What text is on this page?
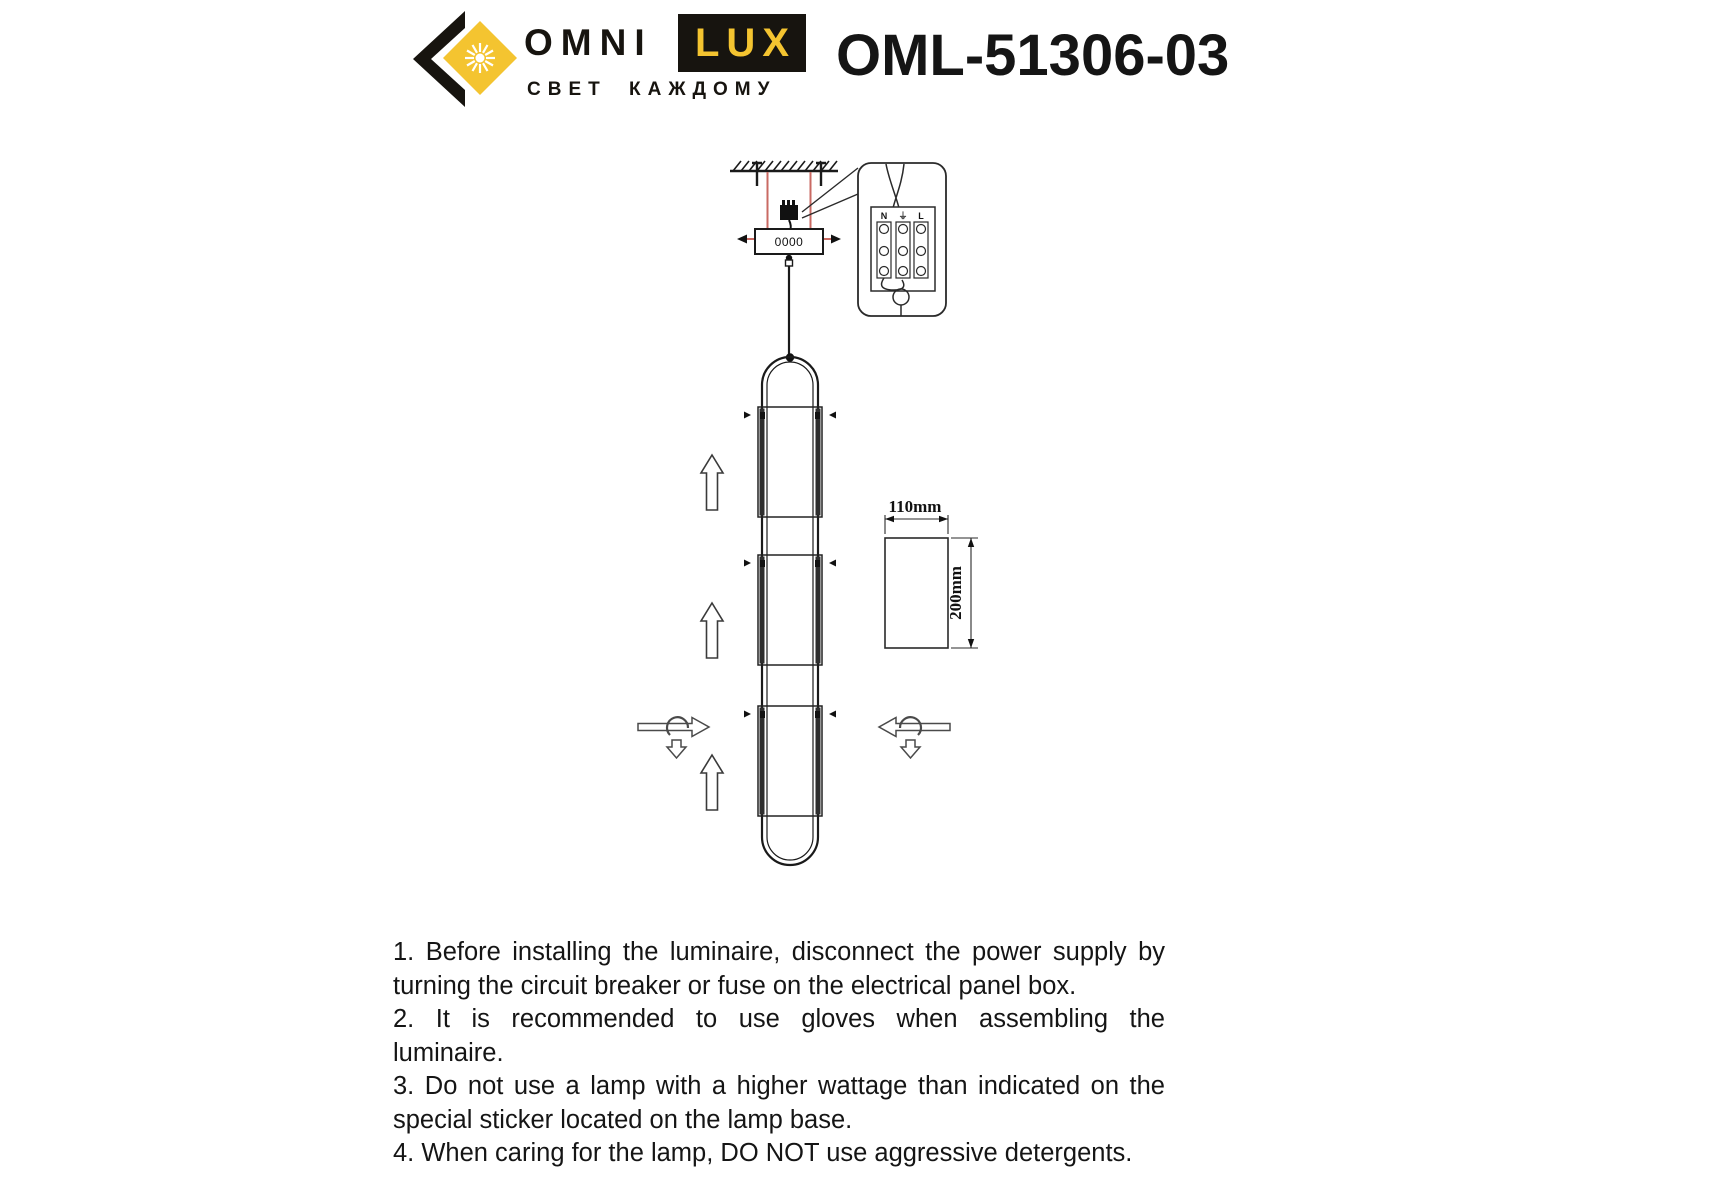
OMNI LUX
СВЕТ КАЖДОМУ
OML-51306-03
0000
N ⏚ L
110mm
200mm
1. Before installing the luminaire, disconnect the power supply by
turning the circuit breaker or fuse on the electrical panel box.
2. It is recommended to use gloves when assembling the
luminaire.
3. Do not use a lamp with a higher wattage than indicated on the
special sticker located on the lamp base.
4. When caring for the lamp, DO NOT use aggressive detergents.
